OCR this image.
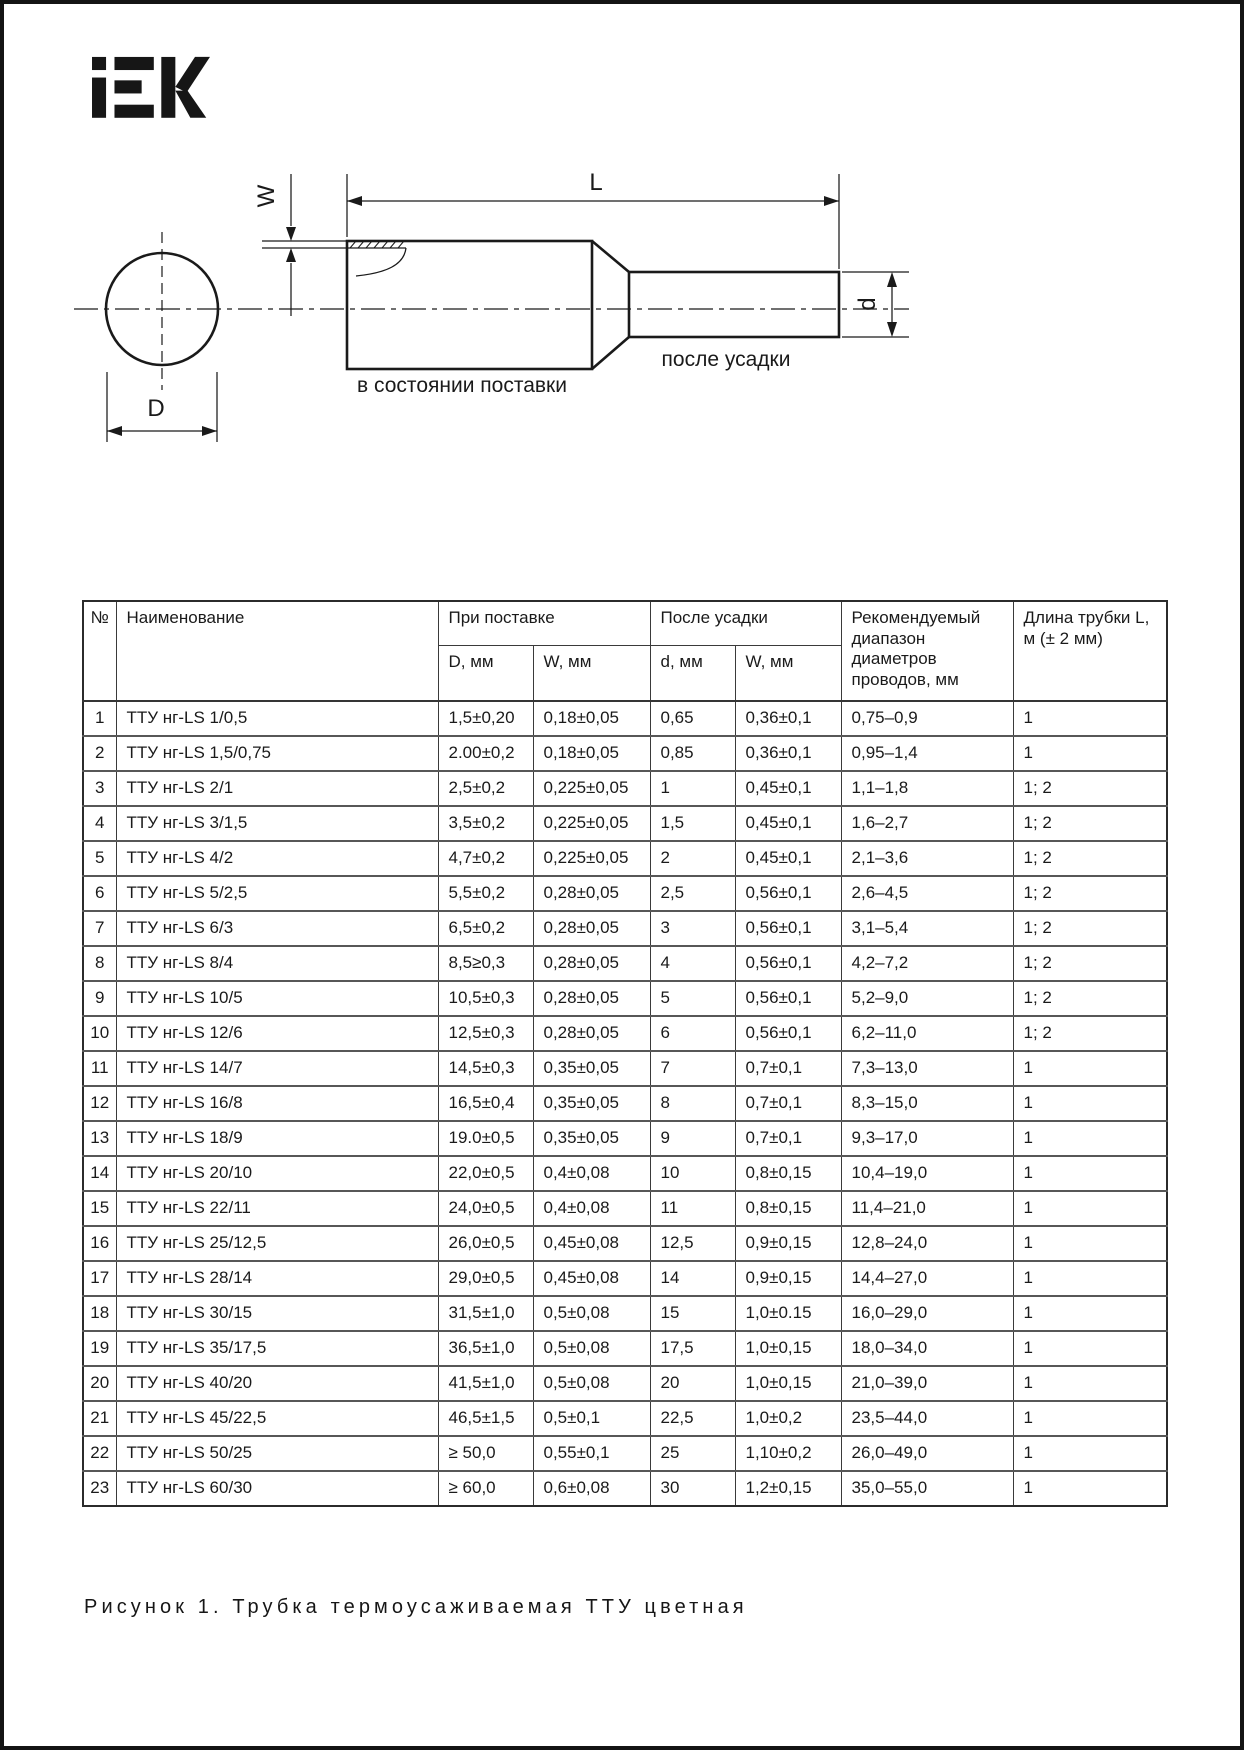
D
L
W
d
в состоянии поставки
после усадки
№	Наименование	При поставке		После усадки		Рекомендуемый диапазон диаметров проводов, мм	Длина трубки L, м (± 2 мм)
		D, мм	W, мм	d, мм	W, мм		
1	ТТУ нг-LS 1/0,5	1,5±0,20	0,18±0,05	0,65	0,36±0,1	0,75–0,9	1
2	ТТУ нг-LS 1,5/0,75	2.00±0,2	0,18±0,05	0,85	0,36±0,1	0,95–1,4	1
3	ТТУ нг-LS 2/1	2,5±0,2	0,225±0,05	1	0,45±0,1	1,1–1,8	1; 2
4	ТТУ нг-LS 3/1,5	3,5±0,2	0,225±0,05	1,5	0,45±0,1	1,6–2,7	1; 2
5	ТТУ нг-LS 4/2	4,7±0,2	0,225±0,05	2	0,45±0,1	2,1–3,6	1; 2
6	ТТУ нг-LS 5/2,5	5,5±0,2	0,28±0,05	2,5	0,56±0,1	2,6–4,5	1; 2
7	ТТУ нг-LS 6/3	6,5±0,2	0,28±0,05	3	0,56±0,1	3,1–5,4	1; 2
8	ТТУ нг-LS 8/4	8,5≥0,3	0,28±0,05	4	0,56±0,1	4,2–7,2	1; 2
9	ТТУ нг-LS 10/5	10,5±0,3	0,28±0,05	5	0,56±0,1	5,2–9,0	1; 2
10	ТТУ нг-LS 12/6	12,5±0,3	0,28±0,05	6	0,56±0,1	6,2–11,0	1; 2
11	ТТУ нг-LS 14/7	14,5±0,3	0,35±0,05	7	0,7±0,1	7,3–13,0	1
12	ТТУ нг-LS 16/8	16,5±0,4	0,35±0,05	8	0,7±0,1	8,3–15,0	1
13	ТТУ нг-LS 18/9	19.0±0,5	0,35±0,05	9	0,7±0,1	9,3–17,0	1
14	ТТУ нг-LS 20/10	22,0±0,5	0,4±0,08	10	0,8±0,15	10,4–19,0	1
15	ТТУ нг-LS 22/11	24,0±0,5	0,4±0,08	11	0,8±0,15	11,4–21,0	1
16	ТТУ нг-LS 25/12,5	26,0±0,5	0,45±0,08	12,5	0,9±0,15	12,8–24,0	1
17	ТТУ нг-LS 28/14	29,0±0,5	0,45±0,08	14	0,9±0,15	14,4–27,0	1
18	ТТУ нг-LS 30/15	31,5±1,0	0,5±0,08	15	1,0±0.15	16,0–29,0	1
19	ТТУ нг-LS 35/17,5	36,5±1,0	0,5±0,08	17,5	1,0±0,15	18,0–34,0	1
20	ТТУ нг-LS 40/20	41,5±1,0	0,5±0,08	20	1,0±0,15	21,0–39,0	1
21	ТТУ нг-LS 45/22,5	46,5±1,5	0,5±0,1	22,5	1,0±0,2	23,5–44,0	1
22	ТТУ нг-LS 50/25	≥ 50,0	0,55±0,1	25	1,10±0,2	26,0–49,0	1
23	ТТУ нг-LS 60/30	≥ 60,0	0,6±0,08	30	1,2±0,15	35,0–55,0	1
Рисунок 1. Трубка термоусаживаемая ТТУ цветная
